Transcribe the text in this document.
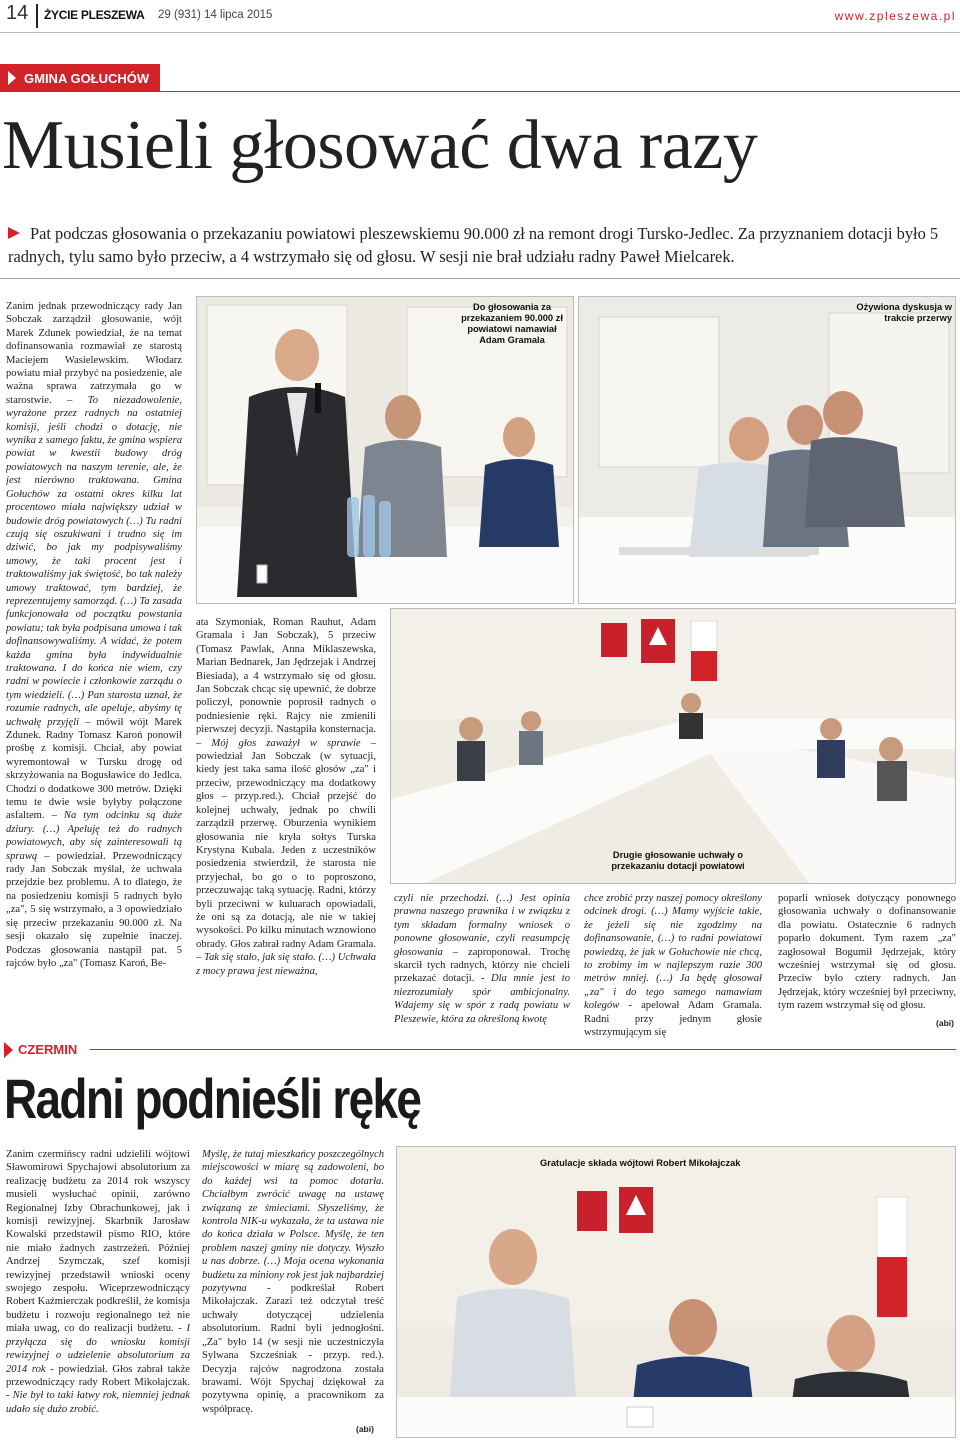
14 ŻYCIE PLESZEWA 29 (931) 14 lipca 2015	www.zpleszewa.pl
GMINA GOŁUCHÓW
Musieli głosować dwa razy

Pat podczas głosowania o przekazaniu powiatowi pleszewskiemu 90.000 zł na remont drogi Tursko-Jedlec. Za przyznaniem dotacji było 5 radnych, tylu samo było przeciw, a 4 wstrzymało się od głosu. W sesji nie brał udziału radny Paweł Mielcarek.

Zanim jednak przewodniczący rady Jan Sobczak zarządził głosowanie, wójt Marek Zdunek powiedział, że na temat dofinansowania rozmawiał ze starostą Maciejem Wasielewskim. Włodarz powiatu miał przybyć na posiedzenie, ale ważna sprawa zatrzymała go w starostwie. – To niezadowolenie, wyrażone przez radnych na ostatniej komisji, jeśli chodzi o dotację, nie wynika z samego faktu, że gmina wspiera powiat w kwestii budowy dróg powiatowych na naszym terenie, ale, że jest nierówno traktowana. Gmina Gołuchów za ostatni okres kilku lat procentowo miała największy udział w budowie dróg powiatowych (…) Tu radni czują się oszukiwani i trudno się im dziwić, bo jak my podpisywaliśmy umowy, że taki procent jest i traktowaliśmy jak świętość, bo tak należy umowy traktować, tym bardziej, że reprezentujemy samorząd. (…) Ta zasada funkcjonowała od początku powstania powiatu; tak była podpisana umowa i tak dofinansowywaliśmy. A widać, że potem każda gmina była indywidualnie traktowana. I do końca nie wiem, czy radni w powiecie i członkowie zarządu o tym wiedzieli. (…) Pan starosta uznał, że rozumie radnych, ale apeluje, abyśmy tę uchwałę przyjęli – mówił wójt Marek Zdunek. Radny Tomasz Karoń ponowił prośbę z komisji. Chciał, aby powiat wyremontował w Tursku drogę od skrzyżowania na Bogusławice do Jedlca. Chodzi o dodatkowe 300 metrów. Dzięki temu te dwie wsie byłyby połączone asfaltem. – Na tym odcinku są duże dziury. (…) Apeluję też do radnych powiatowych, aby się zainteresowali tą sprawą – powiedział. Przewodniczący rady Jan Sobczak myślał, że uchwała przejdzie bez problemu. A to dlatego, że na posiedzeniu komisji 5 radnych było „za", 5 się wstrzymało, a 3 opowiedziało się przeciw przekazaniu 90.000 zł. Na sesji okazało się zupełnie inaczej. Podczas głosowania nastąpił pat. 5 rajców było „za" (Tomasz Karoń, Be-

Do głosowania za przekazaniem 90.000 zł powiatowi namawiał Adam Gramala
Ożywiona dyskusja w trakcie przerwy

ata Szymoniak, Roman Rauhut, Adam Gramala i Jan Sobczak), 5 przeciw (Tomasz Pawlak, Anna Miklaszewska, Marian Bednarek, Jan Jędrzejak i Andrzej Biesiada), a 4 wstrzymało się od głosu. Jan Sobczak chcąc się upewnić, że dobrze policzył, ponownie poprosił radnych o podniesienie ręki. Rajcy nie zmienili pierwszej decyzji. Nastąpiła konsternacja. – Mój głos zaważył w sprawie – powiedział Jan Sobczak (w sytuacji, kiedy jest taka sama ilość głosów „za" i przeciw, przewodniczący ma dodatkowy głos – przyp.red.). Chciał przejść do kolejnej uchwały, jednak po chwili zarządził przerwę. Oburzenia wynikiem głosowania nie kryła sołtys Turska Krystyna Kubala. Jeden z uczestników posiedzenia stwierdził, że starosta nie przyjechał, bo go o to poproszono, przeczuwając taką sytuację. Radni, którzy byli przeciwni w kuluarach opowiadali, że oni są za dotacją, ale nie w takiej wysokości. Po kilku minutach wznowiono obrady. Głos zabrał radny Adam Gramala. – Tak się stało, jak się stało. (…) Uchwała z mocy prawa jest nieważna,

Drugie głosowanie uchwały o przekazaniu dotacji powiatowi

czyli nie przechodzi. (…) Jest opinia prawna naszego prawnika i w związku z tym składam formalny wniosek o ponowne głosowanie, czyli reasumpcję głosowania – zaproponował. Trochę skarcił tych radnych, którzy nie chcieli przekazać dotacji. - Dla mnie jest to niezrozumiały spór ambicjonalny. Wdajemy się w spór z radą powiatu w Pleszewie, która za określoną kwotę

chce zrobić przy naszej pomocy określony odcinek drogi. (…) Mamy wyjście takie, że jeżeli się nie zgodzimy na dofinansowanie, (…) to radni powiatowi powiedzą, że jak w Gołuchowie nie chcą, to zrobimy im w najlepszym razie 300 metrów mniej. (…) Ja będę głosował „za" i do tego samego namawiam kolegów - apelował Adam Gramala. Radni przy jednym głosie wstrzymującym się

poparli wniosek dotyczący ponownego głosowania uchwały o dofinansowanie dla powiatu. Ostatecznie 6 radnych poparło dokument. Tym razem „za" zagłosował Bogumił Jędrzejak, który wcześniej wstrzymał się od głosu. Przeciw było cztery radnych. Jan Jędrzejak, który wcześniej był przeciwny, tym razem wstrzymał się od głosu.

(abi)
CZERMIN
Radni podnieśli rękę

Zanim czermińscy radni udzielili wójtowi Sławomirowi Spychajowi absolutorium za realizację budżetu za 2014 rok wszyscy musieli wysłuchać opinii, zarówno Regionalnej Izby Obrachunkowej, jak i komisji rewizyjnej. Skarbnik Jarosław Kowalski przedstawił pismo RIO, które nie miało żadnych zastrzeżeń. Później Andrzej Szymczak, szef komisji rewizyjnej przedstawił wnioski oceny swojego zespołu. Wiceprzewodniczący Robert Kaźmierczak podkreślił, że komisja budżetu i rozwoju regionalnego też nie miała uwag, co do realizacji budżetu. - I przyłącza się do wniosku komisji rewizyjnej o udzielenie absolutorium za 2014 rok - powiedział. Głos zabrał także przewodniczący rady Robert Mikołajczak. - Nie był to taki łatwy rok, niemniej jednak udało się dużo zrobić.

Myślę, że tutaj mieszkańcy poszczególnych miejscowości w miarę są zadowoleni, bo do każdej wsi ta pomoc dotarła. Chciałbym zwrócić uwagę na ustawę związaną ze śmieciami. Słyszeliśmy, że kontrola NIK-u wykazała, że ta ustawa nie do końca działa w Polsce. Myślę, że ten problem naszej gminy nie dotyczy. Wyszło u nas dobrze. (…) Moja ocena wykonania budżetu za miniony rok jest jak najbardziej pozytywna - podkreślał Robert Mikołajczak. Zarazi też odczytał treść uchwały dotyczącej udzielenia absolutorium. Radni byli jednogłośni. „Za" było 14 (w sesji nie uczestniczyła Sylwana Szcześniak - przyp. red.). Decyzja rajców nagrodzona została brawami. Wójt Spychaj dziękował za pozytywna opinię, a pracownikom za współpracę.

(abi)
Gratulacje składa wójtowi Robert Mikołajczak
